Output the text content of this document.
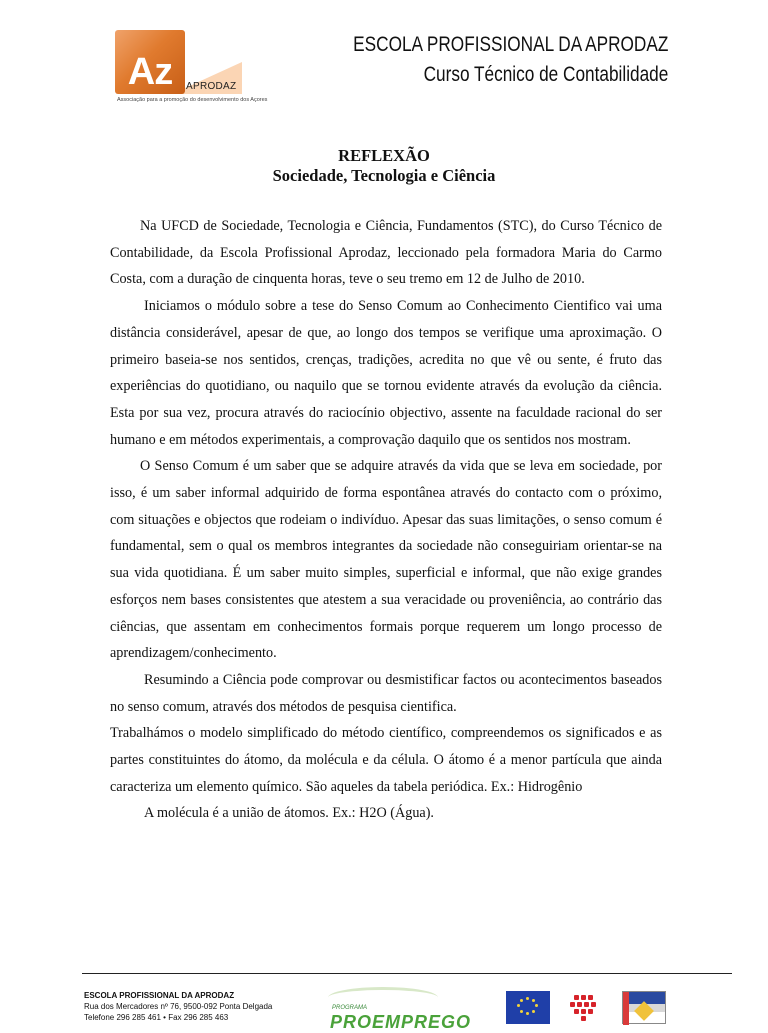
Az	APRODAZ
Associação para a promoção do desenvolvimento dos Açores
ESCOLA PROFISSIONAL DA APRODAZ
Curso Técnico de Contabilidade
REFLEXÃO
Sociedade, Tecnologia e Ciência

Na UFCD de Sociedade, Tecnologia e Ciência, Fundamentos (STC), do Curso Técnico de Contabilidade, da Escola Profissional Aprodaz, leccionado pela formadora Maria do Carmo Costa, com a duração de cinquenta horas, teve o seu tremo em 12 de Julho de 2010.

Iniciamos o módulo sobre a tese do Senso Comum ao Conhecimento Cientifico vai uma distância considerável, apesar de que, ao longo dos tempos se verifique uma aproximação. O primeiro baseia-se nos sentidos, crenças, tradições, acredita no que vê ou sente, é fruto das experiências do quotidiano, ou naquilo que se tornou evidente através da evolução da ciência. Esta por sua vez, procura através do raciocínio objectivo, assente na faculdade racional do ser humano e em métodos experimentais, a comprovação daquilo que os sentidos nos mostram.

O Senso Comum é um saber que se adquire através da vida que se leva em sociedade, por isso, é um saber informal adquirido de forma espontânea através do contacto com o próximo, com situações e objectos que rodeiam o indivíduo. Apesar das suas limitações, o senso comum é fundamental, sem o qual os membros integrantes da sociedade não conseguiriam orientar-se na sua vida quotidiana. É um saber muito simples, superficial e informal, que não exige grandes esforços nem bases consistentes que atestem a sua veracidade ou proveniência, ao contrário das ciências, que assentam em conhecimentos formais porque requerem um longo processo de aprendizagem/conhecimento.

Resumindo a Ciência pode comprovar ou desmistificar factos ou acontecimentos baseados no senso comum, através dos métodos de pesquisa cientifica.

Trabalhámos o modelo simplificado do método científico, compreendemos os significados e as partes constituintes do átomo, da molécula e da célula. O átomo é a menor partícula que ainda caracteriza um elemento químico. São aqueles da tabela periódica. Ex.: Hidrogênio

A molécula é a união de átomos. Ex.: H2O (Água).

ESCOLA PROFISSIONAL DA APRODAZ
Rua dos Mercadores nº 76, 9500-092 Ponta Delgada
Telefone 296 285 461 • Fax 296 285 463
PROGRAMA
PROEMPREGO
